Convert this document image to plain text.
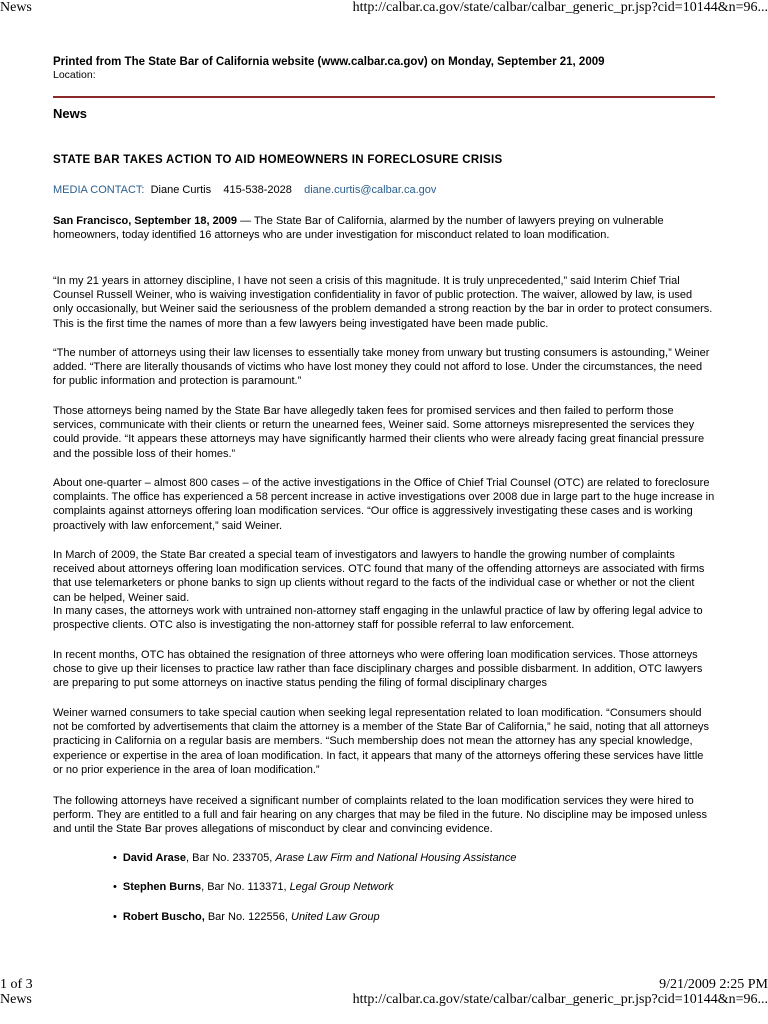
News	http://calbar.ca.gov/state/calbar/calbar_generic_pr.jsp?cid=10144&n=96...
Printed from The State Bar of California website (www.calbar.ca.gov) on Monday, September 21, 2009
Location:
News
STATE BAR TAKES ACTION TO AID HOMEOWNERS IN FORECLOSURE CRISIS
MEDIA CONTACT: Diane Curtis 415-538-2028 diane.curtis@calbar.ca.gov
San Francisco, September 18, 2009 — The State Bar of California, alarmed by the number of lawyers preying on vulnerable homeowners, today identified 16 attorneys who are under investigation for misconduct related to loan modification.
“In my 21 years in attorney discipline, I have not seen a crisis of this magnitude. It is truly unprecedented,” said Interim Chief Trial Counsel Russell Weiner, who is waiving investigation confidentiality in favor of public protection. The waiver, allowed by law, is used only occasionally, but Weiner said the seriousness of the problem demanded a strong reaction by the bar in order to protect consumers. This is the first time the names of more than a few lawyers being investigated have been made public.
“The number of attorneys using their law licenses to essentially take money from unwary but trusting consumers is astounding,” Weiner added. “There are literally thousands of victims who have lost money they could not afford to lose. Under the circumstances, the need for public information and protection is paramount.”
Those attorneys being named by the State Bar have allegedly taken fees for promised services and then failed to perform those services, communicate with their clients or return the unearned fees, Weiner said. Some attorneys misrepresented the services they could provide. “It appears these attorneys may have significantly harmed their clients who were already facing great financial pressure and the possible loss of their homes.”
About one-quarter – almost 800 cases – of the active investigations in the Office of Chief Trial Counsel (OTC) are related to foreclosure complaints. The office has experienced a 58 percent increase in active investigations over 2008 due in large part to the huge increase in complaints against attorneys offering loan modification services. “Our office is aggressively investigating these cases and is working proactively with law enforcement,” said Weiner.
In March of 2009, the State Bar created a special team of investigators and lawyers to handle the growing number of complaints received about attorneys offering loan modification services. OTC found that many of the offending attorneys are associated with firms that use telemarketers or phone banks to sign up clients without regard to the facts of the individual case or whether or not the client can be helped, Weiner said.
In many cases, the attorneys work with untrained non-attorney staff engaging in the unlawful practice of law by offering legal advice to prospective clients. OTC also is investigating the non-attorney staff for possible referral to law enforcement.
In recent months, OTC has obtained the resignation of three attorneys who were offering loan modification services. Those attorneys chose to give up their licenses to practice law rather than face disciplinary charges and possible disbarment. In addition, OTC lawyers are preparing to put some attorneys on inactive status pending the filing of formal disciplinary charges
Weiner warned consumers to take special caution when seeking legal representation related to loan modification. “Consumers should not be comforted by advertisements that claim the attorney is a member of the State Bar of California,” he said, noting that all attorneys practicing in California on a regular basis are members. “Such membership does not mean the attorney has any special knowledge, experience or expertise in the area of loan modification. In fact, it appears that many of the attorneys offering these services have little or no prior experience in the area of loan modification.”
The following attorneys have received a significant number of complaints related to the loan modification services they were hired to perform. They are entitled to a full and fair hearing on any charges that may be filed in the future. No discipline may be imposed unless and until the State Bar proves allegations of misconduct by clear and convincing evidence.
• David Arase, Bar No. 233705, Arase Law Firm and National Housing Assistance
• Stephen Burns, Bar No. 113371, Legal Group Network
• Robert Buscho, Bar No. 122556, United Law Group
1 of 3	9/21/2009 2:25 PM
News	http://calbar.ca.gov/state/calbar/calbar_generic_pr.jsp?cid=10144&n=96...
